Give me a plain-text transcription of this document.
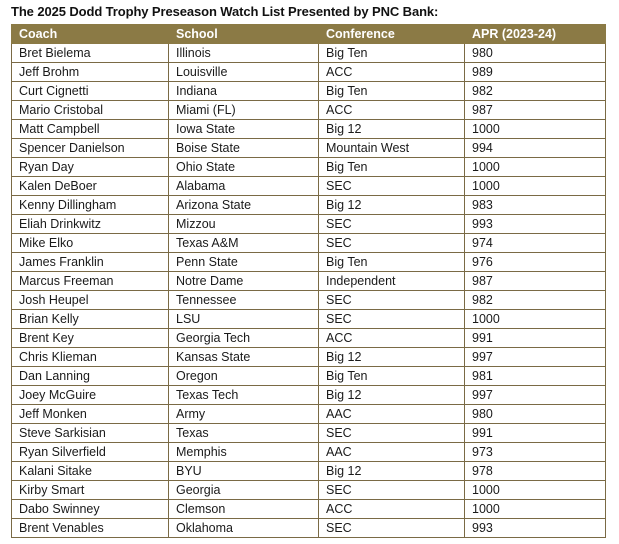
The 2025 Dodd Trophy Preseason Watch List Presented by PNC Bank:
Coach	School	Conference	APR (2023-24)
Bret Bielema	Illinois	Big Ten	980
Jeff Brohm	Louisville	ACC	989
Curt Cignetti	Indiana	Big Ten	982
Mario Cristobal	Miami (FL)	ACC	987
Matt Campbell	Iowa State	Big 12	1000
Spencer Danielson	Boise State	Mountain West	994
Ryan Day	Ohio State	Big Ten	1000
Kalen DeBoer	Alabama	SEC	1000
Kenny Dillingham	Arizona State	Big 12	983
Eliah Drinkwitz	Mizzou	SEC	993
Mike Elko	Texas A&M	SEC	974
James Franklin	Penn State	Big Ten	976
Marcus Freeman	Notre Dame	Independent	987
Josh Heupel	Tennessee	SEC	982
Brian Kelly	LSU	SEC	1000
Brent Key	Georgia Tech	ACC	991
Chris Klieman	Kansas State	Big 12	997
Dan Lanning	Oregon	Big Ten	981
Joey McGuire	Texas Tech	Big 12	997
Jeff Monken	Army	AAC	980
Steve Sarkisian	Texas	SEC	991
Ryan Silverfield	Memphis	AAC	973
Kalani Sitake	BYU	Big 12	978
Kirby Smart	Georgia	SEC	1000
Dabo Swinney	Clemson	ACC	1000
Brent Venables	Oklahoma	SEC	993
